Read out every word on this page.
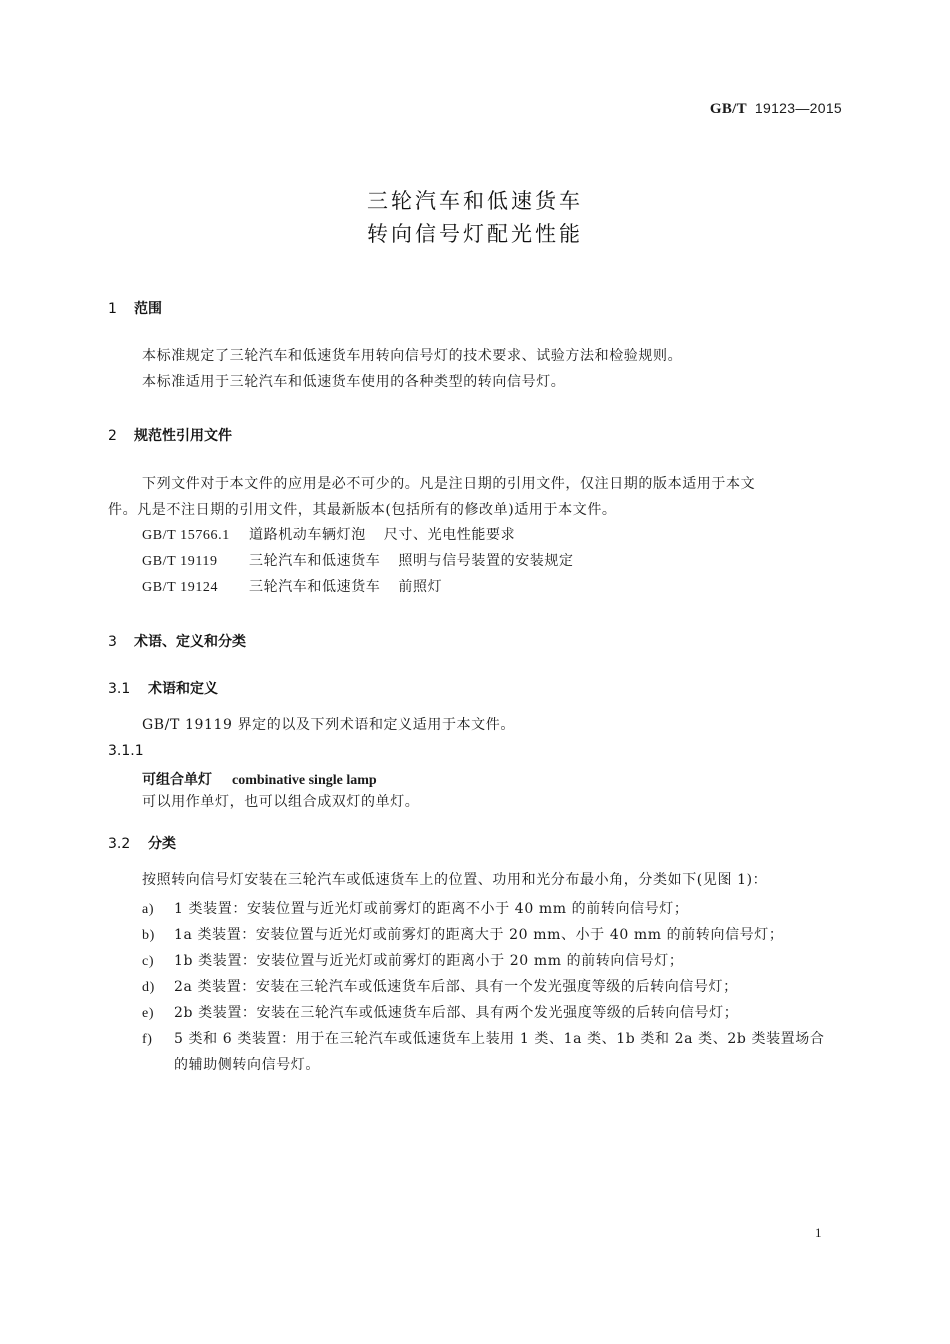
GB/T 19123—2015
三轮汽车和低速货车
转向信号灯配光性能
1 范围
本标准规定了三轮汽车和低速货车用转向信号灯的技术要求、试验方法和检验规则。
本标准适用于三轮汽车和低速货车使用的各种类型的转向信号灯。
2 规范性引用文件
下列文件对于本文件的应用是必不可少的。凡是注日期的引用文件，仅注日期的版本适用于本文
件。凡是不注日期的引用文件，其最新版本(包括所有的修改单)适用于本文件。
GB/T 15766.1 道路机动车辆灯泡 尺寸、光电性能要求
GB/T 19119 三轮汽车和低速货车 照明与信号装置的安装规定
GB/T 19124 三轮汽车和低速货车 前照灯
3 术语、定义和分类
3.1 术语和定义
GB/T 19119 界定的以及下列术语和定义适用于本文件。
3.1.1
可组合单灯 combinative single lamp
可以用作单灯，也可以组合成双灯的单灯。
3.2 分类
按照转向信号灯安装在三轮汽车或低速货车上的位置、功用和光分布最小角，分类如下(见图 1)：
a) 1 类装置：安装位置与近光灯或前雾灯的距离不小于 40 mm 的前转向信号灯；
b) 1a 类装置：安装位置与近光灯或前雾灯的距离大于 20 mm、小于 40 mm 的前转向信号灯；
c) 1b 类装置：安装位置与近光灯或前雾灯的距离小于 20 mm 的前转向信号灯；
d) 2a 类装置：安装在三轮汽车或低速货车后部、具有一个发光强度等级的后转向信号灯；
e) 2b 类装置：安装在三轮汽车或低速货车后部、具有两个发光强度等级的后转向信号灯；
f) 5 类和 6 类装置：用于在三轮汽车或低速货车上装用 1 类、1a 类、1b 类和 2a 类、2b 类装置场合
的辅助侧转向信号灯。
1
